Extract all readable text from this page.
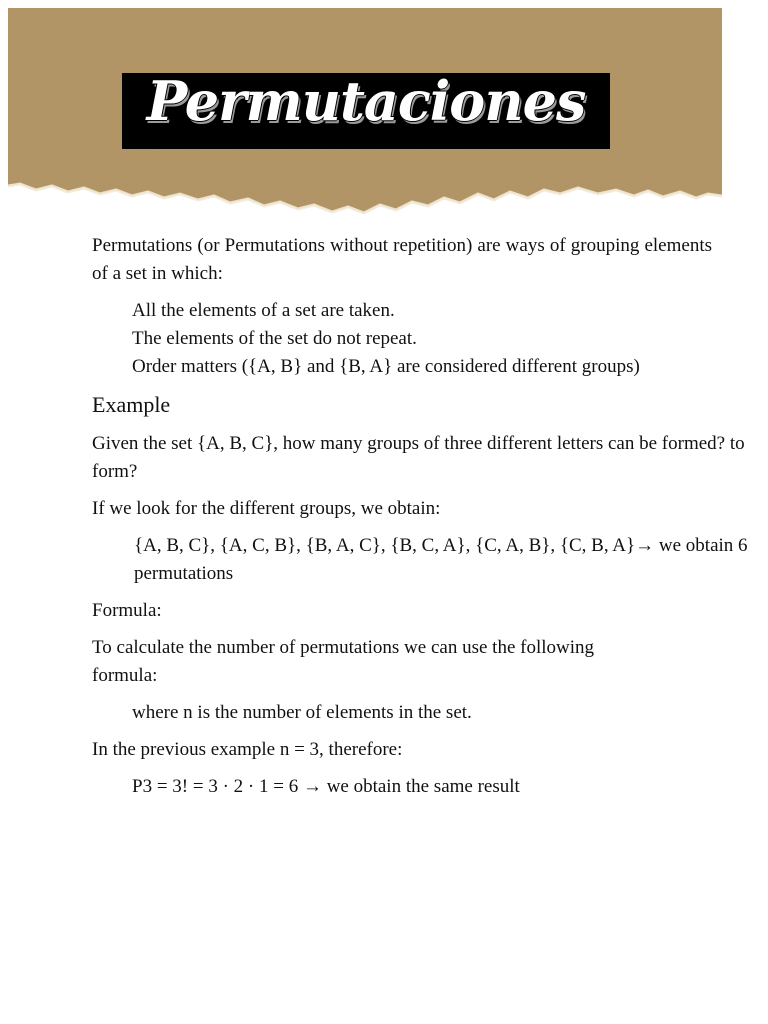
Permutaciones

Permutations (or Permutations without repetition) are ways of grouping elements of a set in which:

All the elements of a set are taken.
The elements of the set do not repeat.
Order matters ({A, B} and {B, A} are considered different groups)
Example

Given the set {A, B, C}, how many groups of three different letters can be formed? to form?

If we look for the different groups, we obtain:

{A, B, C}, {A, C, B}, {B, A, C}, {B, C, A}, {C, A, B}, {C, B, A}→ we obtain 6 permutations

Formula:

To calculate the number of permutations we can use the following formula:

where n is the number of elements in the set.

In the previous example n = 3, therefore:

P3 = 3! = 3 · 2 · 1 = 6 → we obtain the same result
